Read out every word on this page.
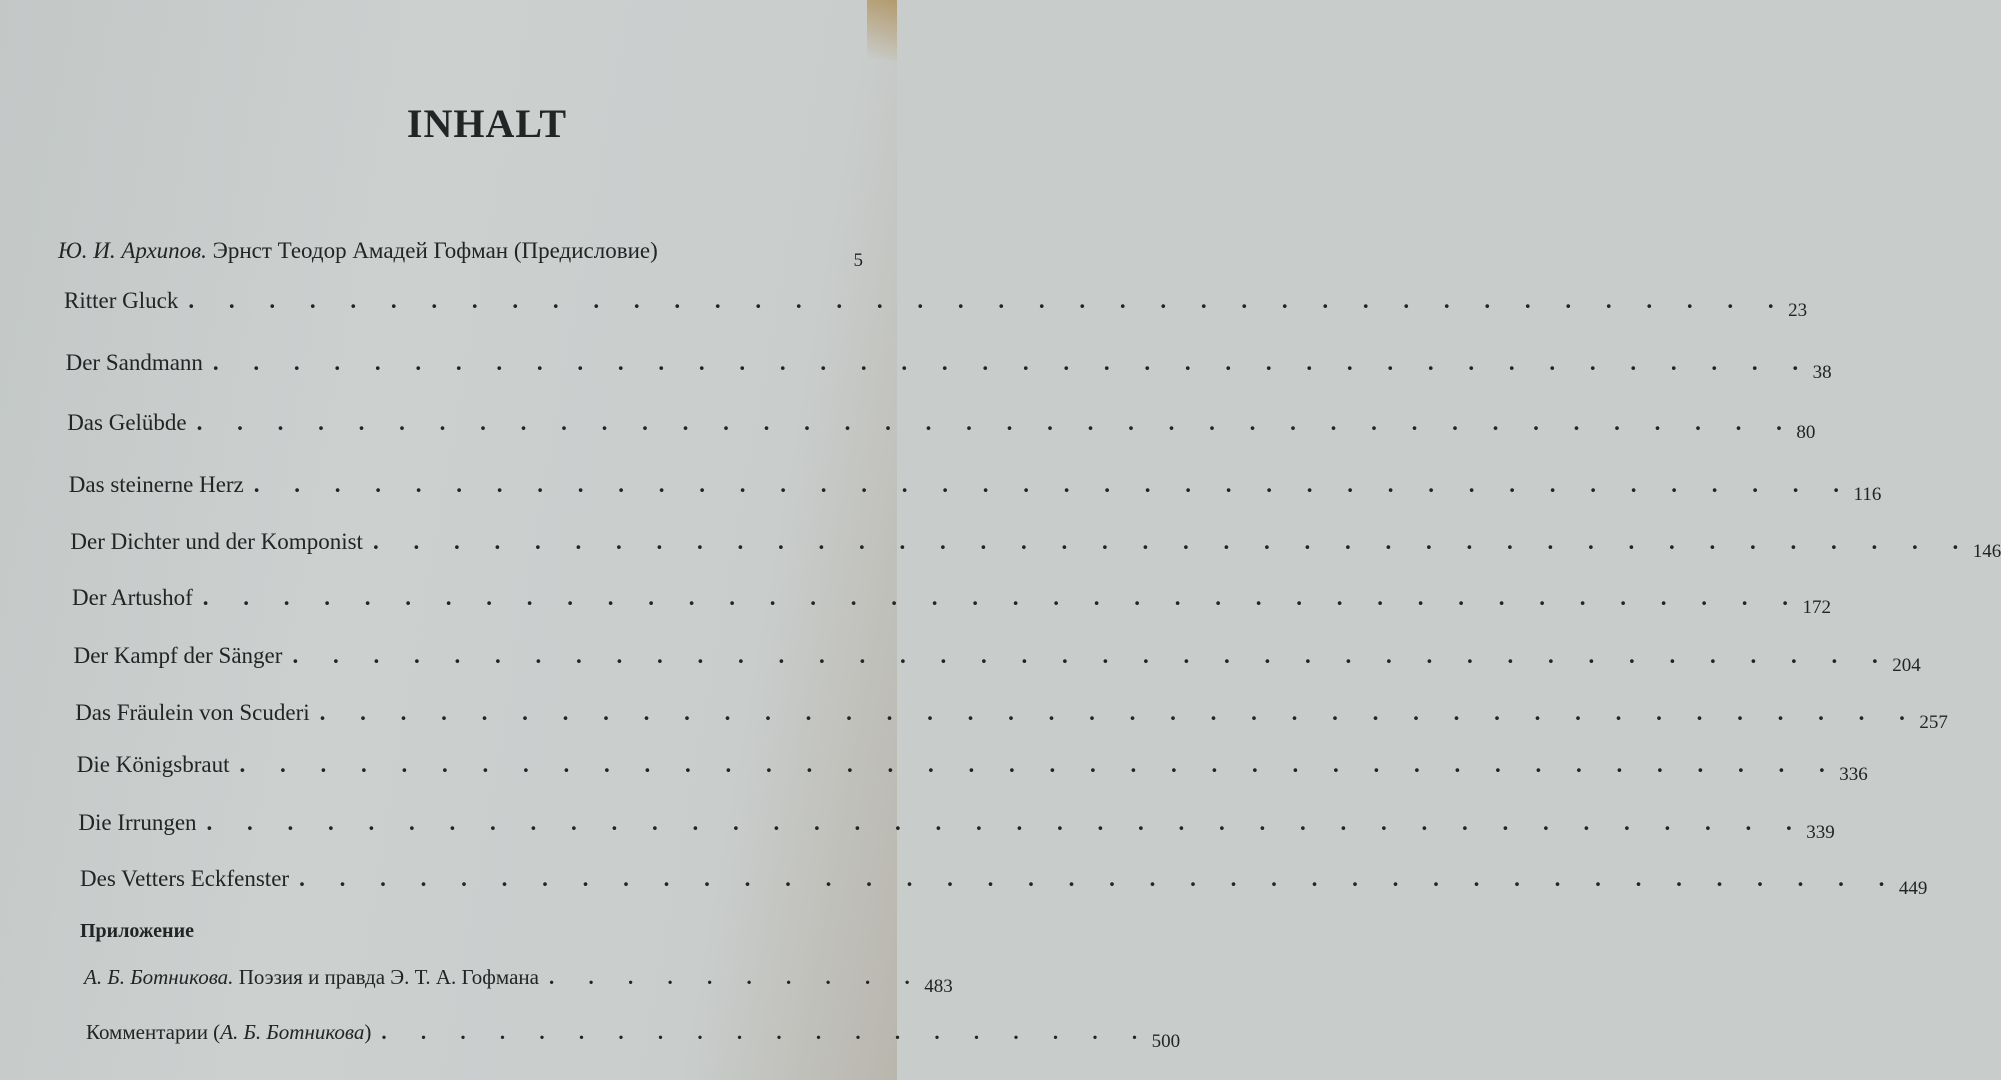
INHALT
Ю. И. Архипов. Эрнст Теодор Амадей Гофман (Предисловие)	5
Ritter Gluck . . . . . . . . . . . . . . . . . . . . . . . . . . . . . . . . . . . . . . . . 23
Der Sandmann . . . . . . . . . . . . . . . . . . . . . . . . . . . . . . . . . . . . . . . . 38
Das Gelübde . . . . . . . . . . . . . . . . . . . . . . . . . . . . . . . . . . . . . . . . 80
Das steinerne Herz . . . . . . . . . . . . . . . . . . . . . . . . . . . . . . . . . . . . . . . . 116
Der Dichter und der Komponist . . . . . . . . . . . . . . . . . . . . . . . . . . . . . . . . . . . . . . . . 146
Der Artushof . . . . . . . . . . . . . . . . . . . . . . . . . . . . . . . . . . . . . . . . 172
Der Kampf der Sänger . . . . . . . . . . . . . . . . . . . . . . . . . . . . . . . . . . . . . . . . 204
Das Fräulein von Scuderi . . . . . . . . . . . . . . . . . . . . . . . . . . . . . . . . . . . . . . . . 257
Die Königsbraut . . . . . . . . . . . . . . . . . . . . . . . . . . . . . . . . . . . . . . . . 336
Die Irrungen . . . . . . . . . . . . . . . . . . . . . . . . . . . . . . . . . . . . . . . . 339
Des Vetters Eckfenster . . . . . . . . . . . . . . . . . . . . . . . . . . . . . . . . . . . . . . . . 449
Приложение
А. Б. Ботникова. Поэзия и правда Э. Т. А. Гофмана . . . . . . . . . . 483
Комментарии (А. Б. Ботникова) . . . . . . . . . . . . . . . . . . . . 500
